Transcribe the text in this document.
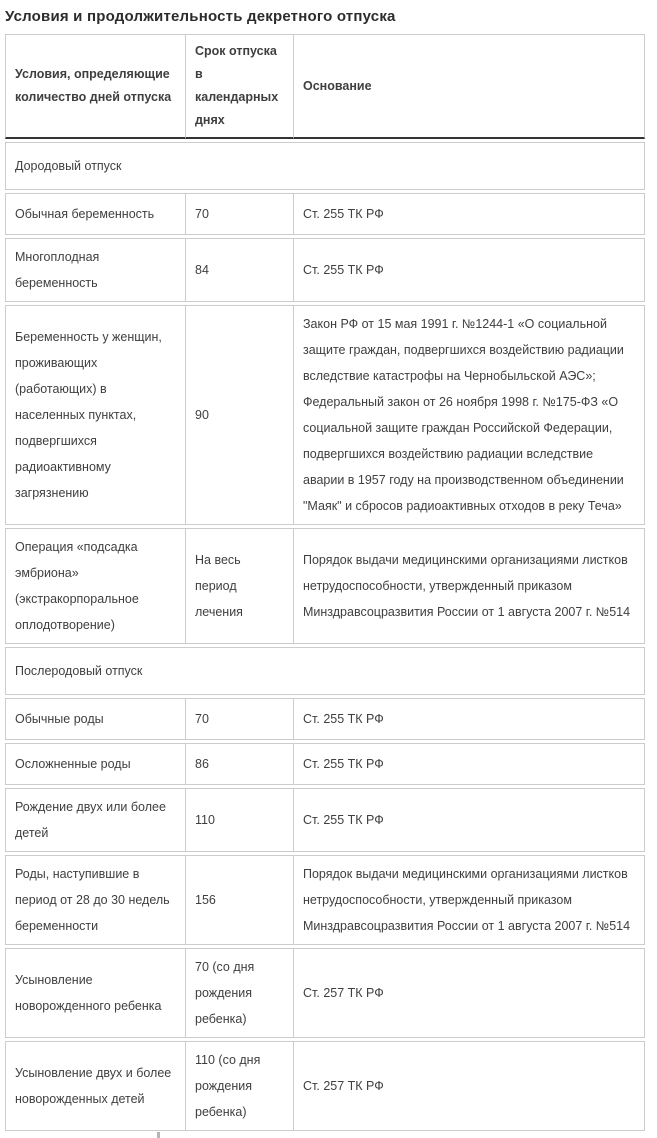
Условия и продолжительность декретного отпуска
Условия, определяющие количество дней отпуска	Срок отпуска в календарных днях	Основание
Дородовый отпуск		
Обычная беременность	70	Ст. 255 ТК РФ
Многоплодная беременность	84	Ст. 255 ТК РФ
Беременность у женщин, проживающих (работающих) в населенных пунктах, подвергшихся радиоактивному загрязнению	90	Закон РФ от 15 мая 1991 г. №1244-1 «О социальной защите граждан, подвергшихся воздействию радиации вследствие катастрофы на Чернобыльской АЭС»; Федеральный закон от 26 ноября 1998 г. №175-ФЗ «О социальной защите граждан Российской Федерации, подвергшихся воздействию радиации вследствие аварии в 1957 году на производственном объединении "Маяк" и сбросов радиоактивных отходов в реку Теча»
Операция «подсадка эмбриона» (экстракорпоральное оплодотворение)	На весь период лечения	Порядок выдачи медицинскими организациями листков нетрудоспособности, утвержденный приказом Минздравсоцразвития России от 1 августа 2007 г. №514
Послеродовый отпуск		
Обычные роды	70	Ст. 255 ТК РФ
Осложненные роды	86	Ст. 255 ТК РФ
Рождение двух или более детей	110	Ст. 255 ТК РФ
Роды, наступившие в период от 28 до 30 недель беременности	156	Порядок выдачи медицинскими организациями листков нетрудоспособности, утвержденный приказом Минздравсоцразвития России от 1 августа 2007 г. №514
Усыновление новорожденного ребенка	70 (со дня рождения ребенка)	Ст. 257 ТК РФ
Усыновление двух и более новорожденных детей	110 (со дня рождения ребенка)	Ст. 257 ТК РФ
